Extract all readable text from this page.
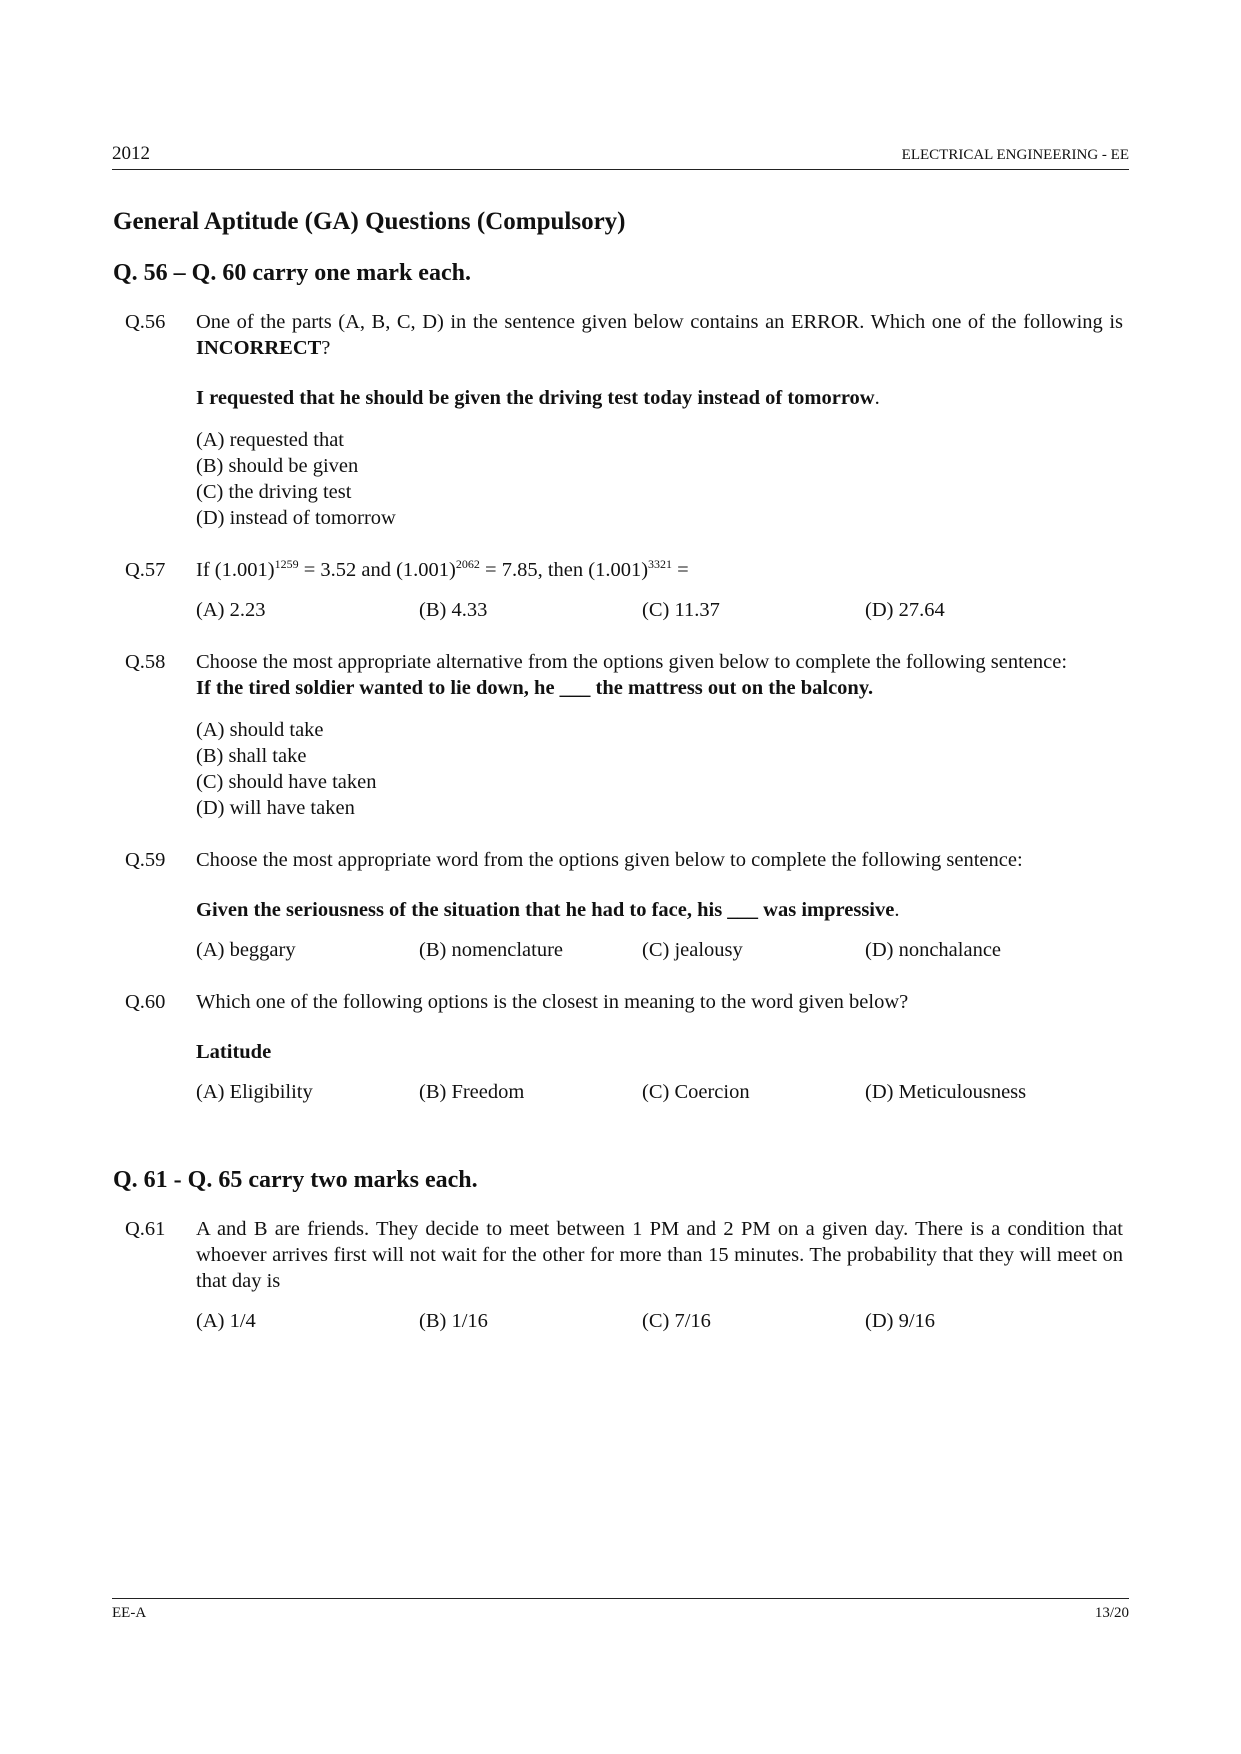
2012	ELECTRICAL ENGINEERING - EE
General Aptitude (GA) Questions (Compulsory)
Q. 56 – Q. 60 carry one mark each.
Q.56 One of the parts (A, B, C, D) in the sentence given below contains an ERROR. Which one of the following is INCORRECT?
I requested that he should be given the driving test today instead of tomorrow.
(A) requested that
(B) should be given
(C) the driving test
(D) instead of tomorrow
Q.57 If $(1.001)^{1259} = 3.52$ and $(1.001)^{2062} = 7.85$, then $(1.001)^{3321}$ =
(A) 2.23	(B) 4.33	(C) 11.37	(D) 27.64
Q.58 Choose the most appropriate alternative from the options given below to complete the following sentence:
If the tired soldier wanted to lie down, he ___ the mattress out on the balcony.
(A) should take
(B) shall take
(C) should have taken
(D) will have taken
Q.59 Choose the most appropriate word from the options given below to complete the following sentence:
Given the seriousness of the situation that he had to face, his ___ was impressive.
(A) beggary	(B) nomenclature	(C) jealousy	(D) nonchalance
Q.60 Which one of the following options is the closest in meaning to the word given below?
Latitude
(A) Eligibility	(B) Freedom	(C) Coercion	(D) Meticulousness
Q. 61 - Q. 65 carry two marks each.
Q.61 A and B are friends. They decide to meet between 1 PM and 2 PM on a given day. There is a condition that whoever arrives first will not wait for the other for more than 15 minutes. The probability that they will meet on that day is
(A) 1/4	(B) 1/16	(C) 7/16	(D) 9/16
EE-A	13/20
